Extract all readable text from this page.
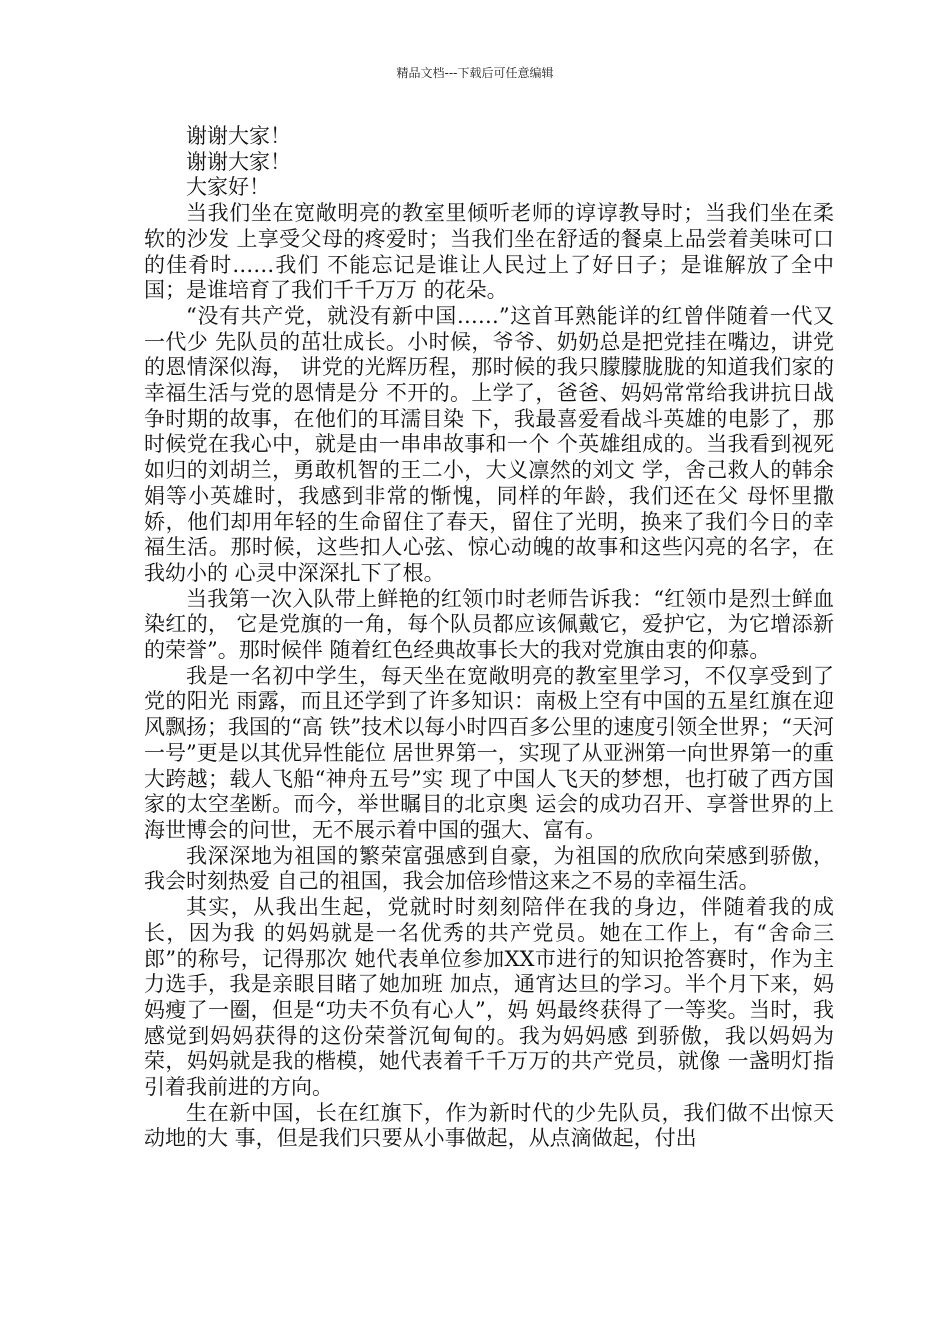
精品文档---下载后可任意编辑

谢谢大家！

谢谢大家！

大家好！

当我们坐在宽敞明亮的教室里倾听老师的谆谆教导时；当我们坐在柔软的沙发 上享受父母的疼爱时；当我们坐在舒适的餐桌上品尝着美味可口的佳肴时……我们 不能忘记是谁让人民过上了好日子；是谁解放了全中国；是谁培育了我们千千万万 的花朵。

“没有共产党，就没有新中国……”这首耳熟能详的红曾伴随着一代又一代少 先队员的茁壮成长。小时候，爷爷、奶奶总是把党挂在嘴边，讲党的恩情深似海， 讲党的光辉历程，那时候的我只朦朦胧胧的知道我们家的幸福生活与党的恩情是分 不开的。上学了，爸爸、妈妈常常给我讲抗日战争时期的故事，在他们的耳濡目染 下，我最喜爱看战斗英雄的电影了，那时候党在我心中，就是由一串串故事和一个 个英雄组成的。当我看到视死如归的刘胡兰，勇敢机智的王二小，大义凛然的刘文 学，舍己救人的韩余娟等小英雄时，我感到非常的惭愧，同样的年龄，我们还在父 母怀里撒娇，他们却用年轻的生命留住了春天，留住了光明，换来了我们今日的幸 福生活。那时候，这些扣人心弦、惊心动魄的故事和这些闪亮的名字，在我幼小的 心灵中深深扎下了根。

当我第一次入队带上鲜艳的红领巾时老师告诉我：“红领巾是烈士鲜血染红的， 它是党旗的一角，每个队员都应该佩戴它，爱护它，为它增添新的荣誉”。那时候伴 随着红色经典故事长大的我对党旗由衷的仰慕。

我是一名初中学生，每天坐在宽敞明亮的教室里学习，不仅享受到了党的阳光 雨露，而且还学到了许多知识：南极上空有中国的五星红旗在迎风飘扬；我国的“高 铁”技术以每小时四百多公里的速度引领全世界；“天河一号”更是以其优异性能位 居世界第一，实现了从亚洲第一向世界第一的重大跨越；载人飞船“神舟五号”实 现了中国人飞天的梦想，也打破了西方国家的太空垄断。而今，举世瞩目的北京奥 运会的成功召开、享誉世界的上海世博会的问世，无不展示着中国的强大、富有。

我深深地为祖国的繁荣富强感到自豪，为祖国的欣欣向荣感到骄傲，我会时刻热爱 自己的祖国，我会加倍珍惜这来之不易的幸福生活。

其实，从我出生起，党就时时刻刻陪伴在我的身边，伴随着我的成长，因为我 的妈妈就是一名优秀的共产党员。她在工作上，有“舍命三郎”的称号，记得那次 她代表单位参加XX市进行的知识抢答赛时，作为主力选手，我是亲眼目睹了她加班 加点，通宵达旦的学习。半个月下来，妈妈瘦了一圈，但是“功夫不负有心人”，妈 妈最终获得了一等奖。当时，我感觉到妈妈获得的这份荣誉沉甸甸的。我为妈妈感 到骄傲，我以妈妈为荣，妈妈就是我的楷模，她代表着千千万万的共产党员，就像 一盏明灯指引着我前进的方向。

生在新中国，长在红旗下，作为新时代的少先队员，我们做不出惊天动地的大 事，但是我们只要从小事做起，从点滴做起，付出
